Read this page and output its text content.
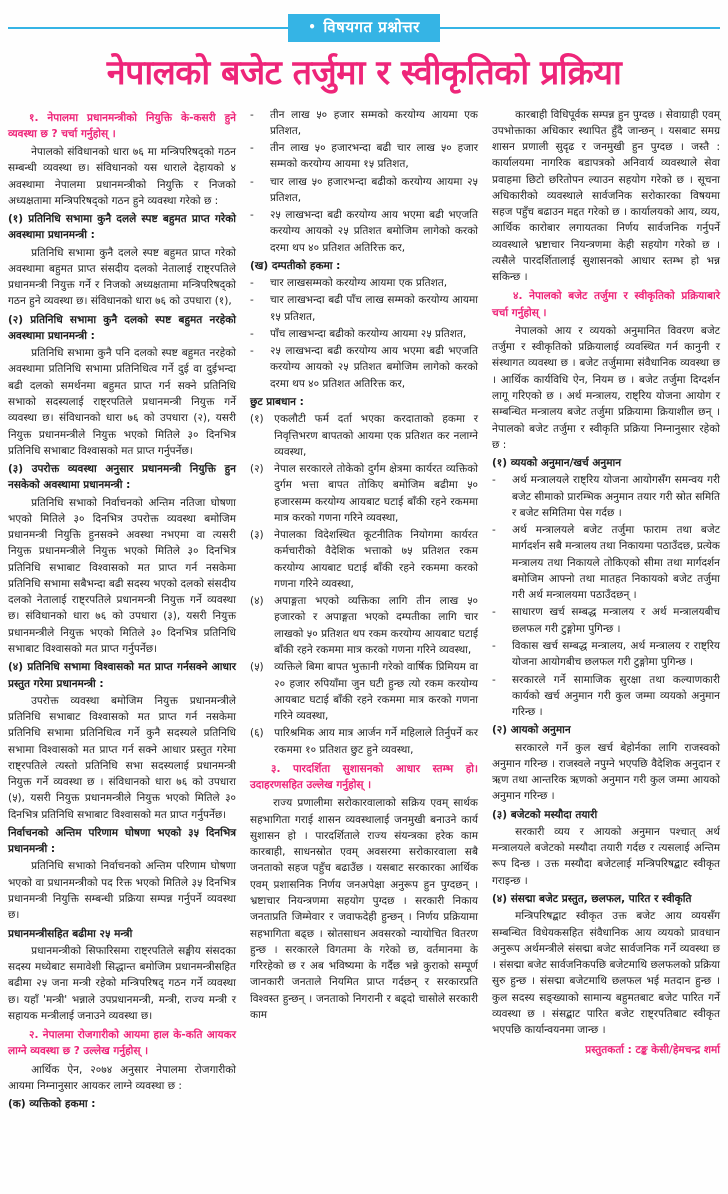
• विषयगत प्रश्नोत्तर
नेपालको बजेट तर्जुमा र स्वीकृतिको प्रक्रिया

१. नेपालमा प्रधानमन्त्रीको नियुक्ति के-कसरी हुने व्यवस्था छ ? चर्चा गर्नुहोस् ।

नेपालको संविधानको धारा ७६ मा मन्त्रिपरिषद्को गठन सम्बन्धी व्यवस्था छ। संविधानको यस धाराले देहायको ४ अवस्थामा नेपालमा प्रधानमन्त्रीको नियुक्ति र निजको अध्यक्षतामा मन्त्रिपरिषद्को गठन हुने व्यवस्था गरेको छ :

(१) प्रतिनिधि सभामा कुनै दलले स्पष्ट बहुमत प्राप्त गरेको अवस्थामा प्रधानमन्त्री :

प्रतिनिधि सभामा कुनै दलले स्पष्ट बहुमत प्राप्त गरेको अवस्थामा बहुमत प्राप्त संसदीय दलको नेतालाई राष्ट्रपतिले प्रधानमन्त्री नियुक्त गर्ने र निजको अध्यक्षतामा मन्त्रिपरिषद्को गठन हुने व्यवस्था छ। संविधानको धारा ७६ को उपधारा (१),

(२) प्रतिनिधि सभामा कुनै दलको स्पष्ट बहुमत नरहेको अवस्थामा प्रधानमन्त्री :

प्रतिनिधि सभामा कुनै पनि दलको स्पष्ट बहुमत नरहेको अवस्थामा प्रतिनिधि सभामा प्रतिनिधित्व गर्ने दुई वा दुईभन्दा बढी दलको समर्थनमा बहुमत प्राप्त गर्न सक्ने प्रतिनिधि सभाको सदस्यलाई राष्ट्रपतिले प्रधानमन्त्री नियुक्त गर्ने व्यवस्था छ। संविधानको धारा ७६ को उपधारा (२), यसरी नियुक्त प्रधानमन्त्रीले नियुक्त भएको मितिले ३० दिनभित्र प्रतिनिधि सभाबाट विश्वासको मत प्राप्त गर्नुपर्नेछ।

(३) उपरोक्त व्यवस्था अनुसार प्रधानमन्त्री नियुक्ति हुन नसकेको अवस्थामा प्रधानमन्त्री :

प्रतिनिधि सभाको निर्वाचनको अन्तिम नतिजा घोषणा भएको मितिले ३० दिनभित्र उपरोक्त व्यवस्था बमोजिम प्रधानमन्त्री नियुक्ति हुनसक्ने अवस्था नभएमा वा त्यसरी नियुक्त प्रधानमन्त्रीले नियुक्त भएको मितिले ३० दिनभित्र प्रतिनिधि सभाबाट विश्वासको मत प्राप्त गर्न नसकेमा प्रतिनिधि सभामा सबैभन्दा बढी सदस्य भएको दलको संसदीय दलको नेतालाई राष्ट्रपतिले प्रधानमन्त्री नियुक्त गर्ने व्यवस्था छ। संविधानको धारा ७६ को उपधारा (३), यसरी नियुक्त प्रधानमन्त्रीले नियुक्त भएको मितिले ३० दिनभित्र प्रतिनिधि सभाबाट विश्वासको मत प्राप्त गर्नुपर्नेछ।

(४) प्रतिनिधि सभामा विश्वासको मत प्राप्त गर्नसक्ने आधार प्रस्तुत गरेमा प्रधानमन्त्री :

उपरोक्त व्यवस्था बमोजिम नियुक्त प्रधानमन्त्रीले प्रतिनिधि सभाबाट विश्वासको मत प्राप्त गर्न नसकेमा प्रतिनिधि सभामा प्रतिनिधित्व गर्ने कुनै सदस्यले प्रतिनिधि सभामा विश्वासको मत प्राप्त गर्न सक्ने आधार प्रस्तुत गरेमा राष्ट्रपतिले त्यस्तो प्रतिनिधि सभा सदस्यलाई प्रधानमन्त्री नियुक्त गर्ने व्यवस्था छ । संविधानको धारा ७६ को उपधारा (५), यसरी नियुक्त प्रधानमन्त्रीले नियुक्त भएको मितिले ३० दिनभित्र प्रतिनिधि सभाबाट विश्वासको मत प्राप्त गर्नुपर्नेछ।

निर्वाचनको अन्तिम परिणाम घोषणा भएको ३५ दिनभित्र प्रधानमन्त्री :

प्रतिनिधि सभाको निर्वाचनको अन्तिम परिणाम घोषणा भएको वा प्रधानमन्त्रीको पद रिक्त भएको मितिले ३५ दिनभित्र प्रधानमन्त्री नियुक्ति सम्बन्धी प्रक्रिया सम्पन्न गर्नुपर्ने व्यवस्था छ।

प्रधानमन्त्रीसहित बढीमा २५ मन्त्री

प्रधानमन्त्रीको सिफारिसमा राष्ट्रपतिले सङ्घीय संसदका सदस्य मध्येबाट समावेशी सिद्धान्त बमोजिम प्रधानमन्त्रीसहित बढीमा २५ जना मन्त्री रहेको मन्त्रिपरिषद् गठन गर्ने व्यवस्था छ। यहाँ 'मन्त्री' भन्नाले उपप्रधानमन्त्री, मन्त्री, राज्य मन्त्री र सहायक मन्त्रीलाई जनाउने व्यवस्था छ।

२. नेपालमा रोजगारीको आयमा हाल के-कति आयकर लाग्ने व्यवस्था छ ? उल्लेख गर्नुहोस् ।

आर्थिक ऐन, २०७४ अनुसार नेपालमा रोजगारीको आयमा निम्नानुसार आयकर लाग्ने व्यवस्था छ :

(क) व्यक्तिको हकमा :

-	तीन लाख ५० हजार सम्मको करयोग्य आयमा एक प्रतिशत,
-	तीन लाख ५० हजारभन्दा बढी चार लाख ५० हजार सम्मको करयोग्य आयमा १५ प्रतिशत,
-	चार लाख ५० हजारभन्दा बढीको करयोग्य आयमा २५ प्रतिशत,
-	२५ लाखभन्दा बढी करयोग्य आय भएमा बढी भएजति करयोग्य आयको २५ प्रतिशत बमोजिम लागेको करको दरमा थप ४० प्रतिशत अतिरिक्त कर,

(ख) दम्पतीको हकमा :

-	चार लाखसम्मको करयोग्य आयमा एक प्रतिशत,
-	चार लाखभन्दा बढी पाँच लाख सम्मको करयोग्य आयमा १५ प्रतिशत,
-	पाँच लाखभन्दा बढीको करयोग्य आयमा २५ प्रतिशत,
-	२५ लाखभन्दा बढी करयोग्य आय भएमा बढी भएजति करयोग्य आयको २५ प्रतिशत बमोजिम लागेको करको दरमा थप ४० प्रतिशत अतिरिक्त कर,

छुट प्राबधान :

(१) एकलौटी फर्म दर्ता भएका करदाताको हकमा र निवृत्तिभरण बापतको आयमा एक प्रतिशत कर नलाग्ने व्यवस्था,
(२) नेपाल सरकारले तोकेको दुर्गम क्षेत्रमा कार्यरत व्यक्तिको दुर्गम भत्ता बापत तोकिए बमोजिम बढीमा ५० हजारसम्म करयोग्य आयबाट घटाई बाँकी रहने रकममा मात्र करको गणना गरिने व्यवस्था,
(३) नेपालका विदेशस्थित कूटनीतिक नियोगमा कार्यरत कर्मचारीको वैदेशिक भत्ताको ७५ प्रतिशत रकम करयोग्य आयबाट घटाई बाँकी रहने रकममा करको गणना गरिने व्यवस्था,
(४) अपाङ्गता भएको व्यक्तिका लागि तीन लाख ५० हजारको र अपाङ्गता भएको दम्पतीका लागि चार लाखको ५० प्रतिशत थप रकम करयोग्य आयबाट घटाई बाँकी रहने रकममा मात्र करको गणना गरिने व्यवस्था,
(५) व्यक्तिले बिमा बापत भुक्तानी गरेको वार्षिक प्रिमियम वा २० हजार रुपियाँमा जुन घटी हुन्छ त्यो रकम करयोग्य आयबाट घटाई बाँकी रहने रकममा मात्र करको गणना गरिने व्यवस्था,
(६) पारिश्रमिक आय मात्र आर्जन गर्ने महिलाले तिर्नुपर्ने कर रकममा १० प्रतिशत छुट हुने व्यवस्था,

३. पारदर्शिता सुशासनको आधार स्तम्भ हो। उदाहरणसहित उल्लेख गर्नुहोस् ।

राज्य प्रणालीमा सरोकारवालाको सक्रिय एवम् सार्थक सहभागिता गराई शासन व्यवस्थालाई जनमुखी बनाउने कार्य सुशासन हो । पारदर्शिताले राज्य संयन्त्रका हरेक काम कारबाही, साधनस्रोत एवम् अवसरमा सरोकारवाला सबै जनताको सहज पहुँच बढाउँछ । यसबाट सरकारका आर्थिक एवम् प्रशासनिक निर्णय जनअपेक्षा अनुरूप हुन पुग्दछन् । भ्रष्टाचार नियन्त्रणमा सहयोग पुग्दछ । सरकारी निकाय जनताप्रति जिम्मेवार र जवाफदेही हुन्छन् । निर्णय प्रक्रियामा सहभागिता बढ्छ । स्रोतसाधन अवसरको न्यायोचित वितरण हुन्छ । सरकारले विगतमा के गरेको छ, वर्तमानमा के गरिरहेको छ र अब भविष्यमा के गर्दैछ भन्ने कुराको सम्पूर्ण जानकारी जनताले नियमित प्राप्त गर्दछन् र सरकारप्रति विश्वस्त हुन्छन् । जनताको निगरानी र बढ्दो चासोले सरकारी काम

कारबाही विधिपूर्वक सम्पन्न हुन पुग्दछ । सेवाग्राही एवम् उपभोक्ताका अधिकार स्थापित हुँदै जान्छन् । यसबाट समग्र शासन प्रणाली सुदृढ र जनमुखी हुन पुग्दछ । जस्तै : कार्यालयमा नागरिक बडापत्रको अनिवार्य व्यवस्थाले सेवा प्रवाहमा छिटो छरितोपन ल्याउन सहयोग गरेको छ । सूचना अधिकारीको व्यवस्थाले सार्वजनिक सरोकारका विषयमा सहज पहुँच बढाउन मद्दत गरेको छ । कार्यालयको आय, व्यय, आर्थिक कारोबार लगायतका निर्णय सार्वजनिक गर्नुपर्ने व्यवस्थाले भ्रष्टाचार नियन्त्रणमा केही सहयोग गरेको छ । त्यसैले पारदर्शितालाई सुशासनको आधार स्तम्भ हो भन्न सकिन्छ ।

४. नेपालको बजेट तर्जुमा र स्वीकृतिको प्रक्रियाबारे चर्चा गर्नुहोस् ।

नेपालको आय र व्ययको अनुमानित विवरण बजेट तर्जुमा र स्वीकृतिको प्रक्रियालाई व्यवस्थित गर्न कानुनी र संस्थागत व्यवस्था छ । बजेट तर्जुमामा संवैधानिक व्यवस्था छ । आर्थिक कार्यविधि ऐन, नियम छ । बजेट तर्जुमा दिग्दर्शन लागू गरिएको छ । अर्थ मन्त्रालय, राष्ट्रिय योजना आयोग र सम्बन्धित मन्त्रालय बजेट तर्जुमा प्रक्रियामा क्रियाशील छन् । नेपालको बजेट तर्जुमा र स्वीकृति प्रक्रिया निम्नानुसार रहेको छ :

(१) व्ययको अनुमान/खर्च अनुमान

-	अर्थ मन्त्रालयले राष्ट्रिय योजना आयोगसँग समन्वय गरी बजेट सीमाको प्रारम्भिक अनुमान तयार गरी स्रोत समिति र बजेट समितिमा पेस गर्दछ ।
-	अर्थ मन्त्रालयले बजेट तर्जुमा फाराम तथा बजेट मार्गदर्शन सबै मन्त्रालय तथा निकायमा पठाउँदछ, प्रत्येक मन्त्रालय तथा निकायले तोकिएको सीमा तथा मार्गदर्शन बमोजिम आफ्नो तथा मातहत निकायको बजेट तर्जुमा गरी अर्थ मन्त्रालयमा पठाउँदछन् ।
-	साधारण खर्च सम्बद्ध मन्त्रालय र अर्थ मन्त्रालयबीच छलफल गरी टुङ्गोमा पुगिन्छ ।
-	विकास खर्च सम्बद्ध मन्त्रालय, अर्थ मन्त्रालय र राष्ट्रिय योजना आयोगबीच छलफल गरी टुङ्गोमा पुगिन्छ ।
-	सरकारले गर्ने सामाजिक सुरक्षा तथा कल्याणकारी कार्यको खर्च अनुमान गरी कुल जम्मा व्ययको अनुमान गरिन्छ ।

(२) आयको अनुमान

सरकारले गर्ने कुल खर्च बेहोर्नका लागि राजस्वको अनुमान गरिन्छ । राजस्वले नपुग्ने भएपछि वैदेशिक अनुदान र ऋण तथा आन्तरिक ऋणको अनुमान गरी कुल जम्मा आयको अनुमान गरिन्छ ।

(३) बजेटको मस्यौदा तयारी

सरकारी व्यय र आयको अनुमान पश्चात् अर्थ मन्त्रालयले बजेटको मस्यौदा तयारी गर्दछ र त्यसलाई अन्तिम रूप दिन्छ । उक्त मस्यौदा बजेटलाई मन्त्रिपरिषद्बाट स्वीकृत गराइन्छ ।

(४) संसद्मा बजेट प्रस्तुत, छलफल, पारित र स्वीकृति

मन्त्रिपरिषद्बाट स्वीकृत उक्त बजेट आय व्ययसँग सम्बन्धित विधेयकसहित संवैधानिक आय व्ययको प्रावधान अनुरूप अर्थमन्त्रीले संसद्मा बजेट सार्वजनिक गर्ने व्यवस्था छ । संसद्मा बजेट सार्वजनिकपछि बजेटमाथि छलफलको प्रक्रिया सुरु हुन्छ । संसद्मा बजेटमाथि छलफल भई मतदान हुन्छ । कुल सदस्य सङ्ख्याको सामान्य बहुमतबाट बजेट पारित गर्ने व्यवस्था छ । संसद्बाट पारित बजेट राष्ट्रपतिबाट स्वीकृत भएपछि कार्यान्वयनमा जान्छ ।

प्रस्तुतकर्ता : टङ्क केसी/हेमचन्द्र शर्मा
